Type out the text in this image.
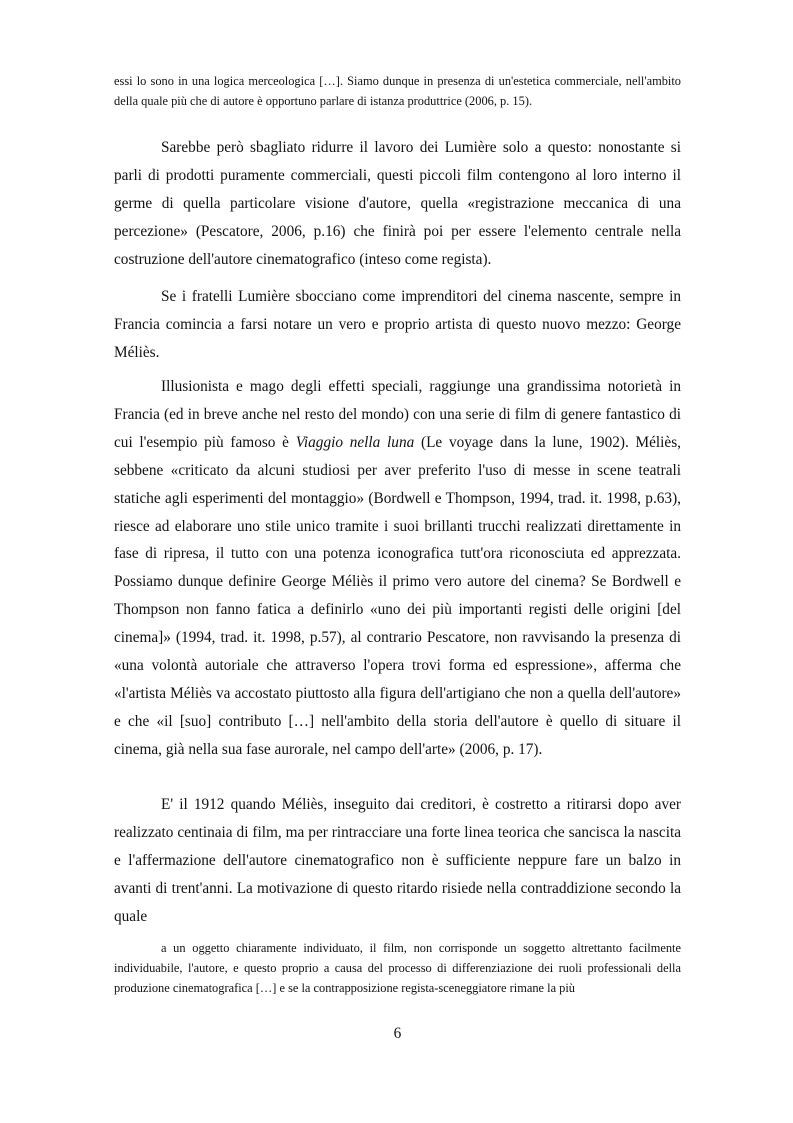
essi lo sono in una logica merceologica […]. Siamo dunque in presenza di un'estetica commerciale, nell'ambito della quale più che di autore è opportuno parlare di istanza produttrice (2006, p. 15).

Sarebbe però sbagliato ridurre il lavoro dei Lumière solo a questo: nonostante si parli di prodotti puramente commerciali, questi piccoli film contengono al loro interno il germe di quella particolare visione d'autore, quella «registrazione meccanica di una percezione» (Pescatore, 2006, p.16) che finirà poi per essere l'elemento centrale nella costruzione dell'autore cinematografico (inteso come regista).

Se i fratelli Lumière sbocciano come imprenditori del cinema nascente, sempre in Francia comincia a farsi notare un vero e proprio artista di questo nuovo mezzo: George Méliès.

Illusionista e mago degli effetti speciali, raggiunge una grandissima notorietà in Francia (ed in breve anche nel resto del mondo) con una serie di film di genere fantastico di cui l'esempio più famoso è Viaggio nella luna (Le voyage dans la lune, 1902). Méliès, sebbene «criticato da alcuni studiosi per aver preferito l'uso di messe in scene teatrali statiche agli esperimenti del montaggio» (Bordwell e Thompson, 1994, trad. it. 1998, p.63), riesce ad elaborare uno stile unico tramite i suoi brillanti trucchi realizzati direttamente in fase di ripresa, il tutto con una potenza iconografica tutt'ora riconosciuta ed apprezzata. Possiamo dunque definire George Méliès il primo vero autore del cinema? Se Bordwell e Thompson non fanno fatica a definirlo «uno dei più importanti registi delle origini [del cinema]» (1994, trad. it. 1998, p.57), al contrario Pescatore, non ravvisando la presenza di «una volontà autoriale che attraverso l'opera trovi forma ed espressione», afferma che «l'artista Méliès va accostato piuttosto alla figura dell'artigiano che non a quella dell'autore» e che «il [suo] contributo […] nell'ambito della storia dell'autore è quello di situare il cinema, già nella sua fase aurorale, nel campo dell'arte» (2006, p. 17).

E' il 1912 quando Méliès, inseguito dai creditori, è costretto a ritirarsi dopo aver realizzato centinaia di film, ma per rintracciare una forte linea teorica che sancisca la nascita e l'affermazione dell'autore cinematografico non è sufficiente neppure fare un balzo in avanti di trent'anni. La motivazione di questo ritardo risiede nella contraddizione secondo la quale

a un oggetto chiaramente individuato, il film, non corrisponde un soggetto altrettanto facilmente individuabile, l'autore, e questo proprio a causa del processo di differenziazione dei ruoli professionali della produzione cinematografica […] e se la contrapposizione regista-sceneggiatore rimane la più

6
